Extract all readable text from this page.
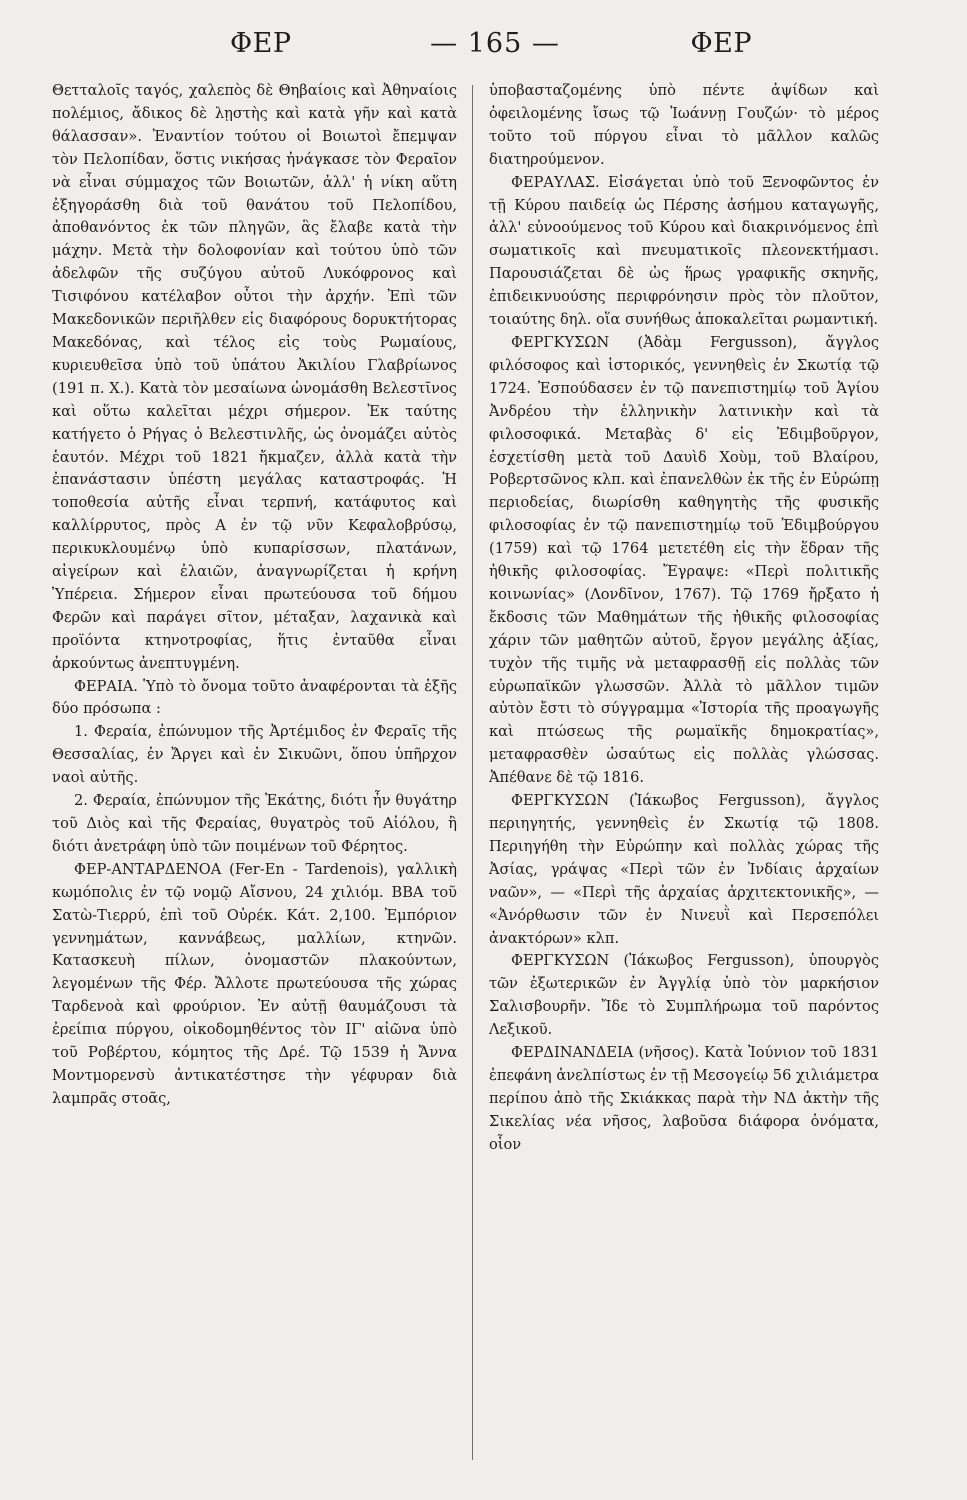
ΦΕΡ	— 165 —	ΦΕΡ

Θετταλοῖς ταγός, χαλεπὸς δὲ Θηβαίοις καὶ Ἀθηναίοις πολέμιος, ἄδικος δὲ λῃστὴς καὶ κατὰ γῆν καὶ κατὰ θάλασσαν». Ἐναντίον τούτου οἱ Βοιωτοὶ ἔπεμψαν τὸν Πελοπίδαν, ὅστις νικήσας ἠνάγκασε τὸν Φεραῖον νὰ εἶναι σύμμαχος τῶν Βοιωτῶν, ἀλλ' ἡ νίκη αὕτη ἐξηγοράσθη διὰ τοῦ θανάτου τοῦ Πελοπίδου, ἀποθανόντος ἐκ τῶν πληγῶν, ἃς ἔλαβε κατὰ τὴν μάχην. Μετὰ τὴν δολοφονίαν καὶ τούτου ὑπὸ τῶν ἀδελφῶν τῆς συζύγου αὐτοῦ Λυκόφρονος καὶ Τισιφόνου κατέλαβον οὗτοι τὴν ἀρχήν. Ἐπὶ τῶν Μακεδονικῶν περιῆλθεν εἰς διαφόρους δορυκτήτορας Μακεδόνας, καὶ τέλος εἰς τοὺς Ρωμαίους, κυριευθεῖσα ὑπὸ τοῦ ὑπάτου Ἀκιλίου Γλαβρίωνος (191 π. Χ.). Κατὰ τὸν μεσαίωνα ὠνομάσθη Βελεστῖνος καὶ οὕτω καλεῖται μέχρι σήμερον. Ἐκ ταύτης κατήγετο ὁ Ρήγας ὁ Βελεστινλῆς, ὡς ὀνομάζει αὐτὸς ἑαυτόν. Μέχρι τοῦ 1821 ἤκμαζεν, ἀλλὰ κατὰ τὴν ἐπανάστασιν ὑπέστη μεγάλας καταστροφάς. Ἡ τοποθεσία αὐτῆς εἶναι τερπνή, κατάφυτος καὶ καλλίρρυτος, πρὸς Α ἐν τῷ νῦν Κεφαλοβρύσῳ, περικυκλουμένῳ ὑπὸ κυπαρίσσων, πλατάνων, αἰγείρων καὶ ἐλαιῶν, ἀναγνωρίζεται ἡ κρήνη Ὑπέρεια. Σήμερον εἶναι πρωτεύουσα τοῦ δήμου Φερῶν καὶ παράγει σῖτον, μέταξαν, λαχανικὰ καὶ προϊόντα κτηνοτροφίας, ἥτις ἐνταῦθα εἶναι ἀρκούντως ἀνεπτυγμένη.

ΦΕΡΑΙΑ. Ὑπὸ τὸ ὄνομα τοῦτο ἀναφέρονται τὰ ἑξῆς δύο πρόσωπα :

1. Φεραία, ἐπώνυμον τῆς Ἀρτέμιδος ἐν Φεραῖς τῆς Θεσσαλίας, ἐν Ἄργει καὶ ἐν Σικυῶνι, ὅπου ὑπῆρχον ναοὶ αὐτῆς.

2. Φεραία, ἐπώνυμον τῆς Ἑκάτης, διότι ἦν θυγάτηρ τοῦ Διὸς καὶ τῆς Φεραίας, θυγατρὸς τοῦ Αἰόλου, ἢ διότι ἀνετράφη ὑπὸ τῶν ποιμένων τοῦ Φέρητος.

ΦΕΡ-ΑΝΤΑΡΔΕΝΟΑ (Fer-En - Tardenois), γαλλικὴ κωμόπολις ἐν τῷ νομῷ Αἴσνου, 24 χιλιόμ. ΒΒΑ τοῦ Σατὼ-Τιερρύ, ἐπὶ τοῦ Οὐρέκ. Κάτ. 2,100. Ἐμπόριον γεννημάτων, καννάβεως, μαλλίων, κτηνῶν. Κατασκευὴ πίλων, ὀνομαστῶν πλακούντων, λεγομένων τῆς Φέρ. Ἄλλοτε πρωτεύουσα τῆς χώρας Ταρδενοὰ καὶ φρούριον. Ἐν αὐτῇ θαυμάζουσι τὰ ἐρείπια πύργου, οἰκοδομηθέντος τὸν ΙΓ' αἰῶνα ὑπὸ τοῦ Ροβέρτου, κόμητος τῆς Δρέ. Τῷ 1539 ἡ Ἄννα Μοντμορενσὺ ἀντικατέστησε τὴν γέφυραν διὰ λαμπρᾶς στοᾶς,

ὑποβασταζομένης ὑπὸ πέντε ἀψίδων καὶ ὀφειλομένης ἴσως τῷ Ἰωάννῃ Γουζών· τὸ μέρος τοῦτο τοῦ πύργου εἶναι τὸ μᾶλλον καλῶς διατηρούμενον.

ΦΕΡΑΥΛΑΣ. Εἰσάγεται ὑπὸ τοῦ Ξενοφῶντος ἐν τῇ Κύρου παιδείᾳ ὡς Πέρσης ἀσήμου καταγωγῆς, ἀλλ' εὐνοούμενος τοῦ Κύρου καὶ διακρινόμενος ἐπὶ σωματικοῖς καὶ πνευματικοῖς πλεονεκτήμασι. Παρουσιάζεται δὲ ὡς ἥρως γραφικῆς σκηνῆς, ἐπιδεικνυούσης περιφρόνησιν πρὸς τὸν πλοῦτον, τοιαύτης δηλ. οἵα συνήθως ἀποκαλεῖται ρωμαντική.

ΦΕΡΓΚΥΣΩΝ (Ἀδὰμ Fergusson), ἄγγλος φιλόσοφος καὶ ἱστορικός, γεννηθεὶς ἐν Σκωτίᾳ τῷ 1724. Ἐσπούδασεν ἐν τῷ πανεπιστημίῳ τοῦ Ἁγίου Ἀνδρέου τὴν ἑλληνικὴν λατινικὴν καὶ τὰ φιλοσοφικά. Μεταβὰς δ' εἰς Ἐδιμβοῦργον, ἐσχετίσθη μετὰ τοῦ Δαυὶδ Χοὺμ, τοῦ Βλαίρου, Ροβερτσῶνος κλπ. καὶ ἐπανελθὼν ἐκ τῆς ἐν Εὐρώπῃ περιοδείας, διωρίσθη καθηγητὴς τῆς φυσικῆς φιλοσοφίας ἐν τῷ πανεπιστημίῳ τοῦ Ἐδιμβούργου (1759) καὶ τῷ 1764 μετετέθη εἰς τὴν ἕδραν τῆς ἠθικῆς φιλοσοφίας. Ἔγραψε: «Περὶ πολιτικῆς κοινωνίας» (Λονδῖνον, 1767). Τῷ 1769 ἤρξατο ἡ ἔκδοσις τῶν Μαθημάτων τῆς ἠθικῆς φιλοσοφίας χάριν τῶν μαθητῶν αὐτοῦ, ἔργον μεγάλης ἀξίας, τυχὸν τῆς τιμῆς νὰ μεταφρασθῇ εἰς πολλὰς τῶν εὐρωπαϊκῶν γλωσσῶν. Ἀλλὰ τὸ μᾶλλον τιμῶν αὐτὸν ἔστι τὸ σύγγραμμα «Ἱστορία τῆς προαγωγῆς καὶ πτώσεως τῆς ρωμαϊκῆς δημοκρατίας», μεταφρασθὲν ὡσαύτως εἰς πολλὰς γλώσσας. Ἀπέθανε δὲ τῷ 1816.

ΦΕΡΓΚΥΣΩΝ (Ἰάκωβος Fergusson), ἄγγλος περιηγητής, γεννηθεὶς ἐν Σκωτίᾳ τῷ 1808. Περιηγήθη τὴν Εὐρώπην καὶ πολλὰς χώρας τῆς Ἀσίας, γράψας «Περὶ τῶν ἐν Ἰνδίαις ἀρχαίων ναῶν», — «Περὶ τῆς ἀρχαίας ἀρχιτεκτονικῆς», — «Ἀνόρθωσιν τῶν ἐν Νινευῒ καὶ Περσεπόλει ἀνακτόρων» κλπ.

ΦΕΡΓΚΥΣΩΝ (Ἰάκωβος Fergusson), ὑπουργὸς τῶν ἐξωτερικῶν ἐν Ἀγγλίᾳ ὑπὸ τὸν μαρκήσιον Σαλισβουρῆν. Ἴδε τὸ Συμπλήρωμα τοῦ παρόντος Λεξικοῦ.

ΦΕΡΔΙΝΑΝΔΕΙΑ (νῆσος). Κατὰ Ἰούνιον τοῦ 1831 ἐπεφάνη ἀνελπίστως ἐν τῇ Μεσογείῳ 56 χιλιάμετρα περίπου ἀπὸ τῆς Σκιάκκας παρὰ τὴν ΝΔ ἀκτὴν τῆς Σικελίας νέα νῆσος, λαβοῦσα διάφορα ὀνόματα, οἷον
